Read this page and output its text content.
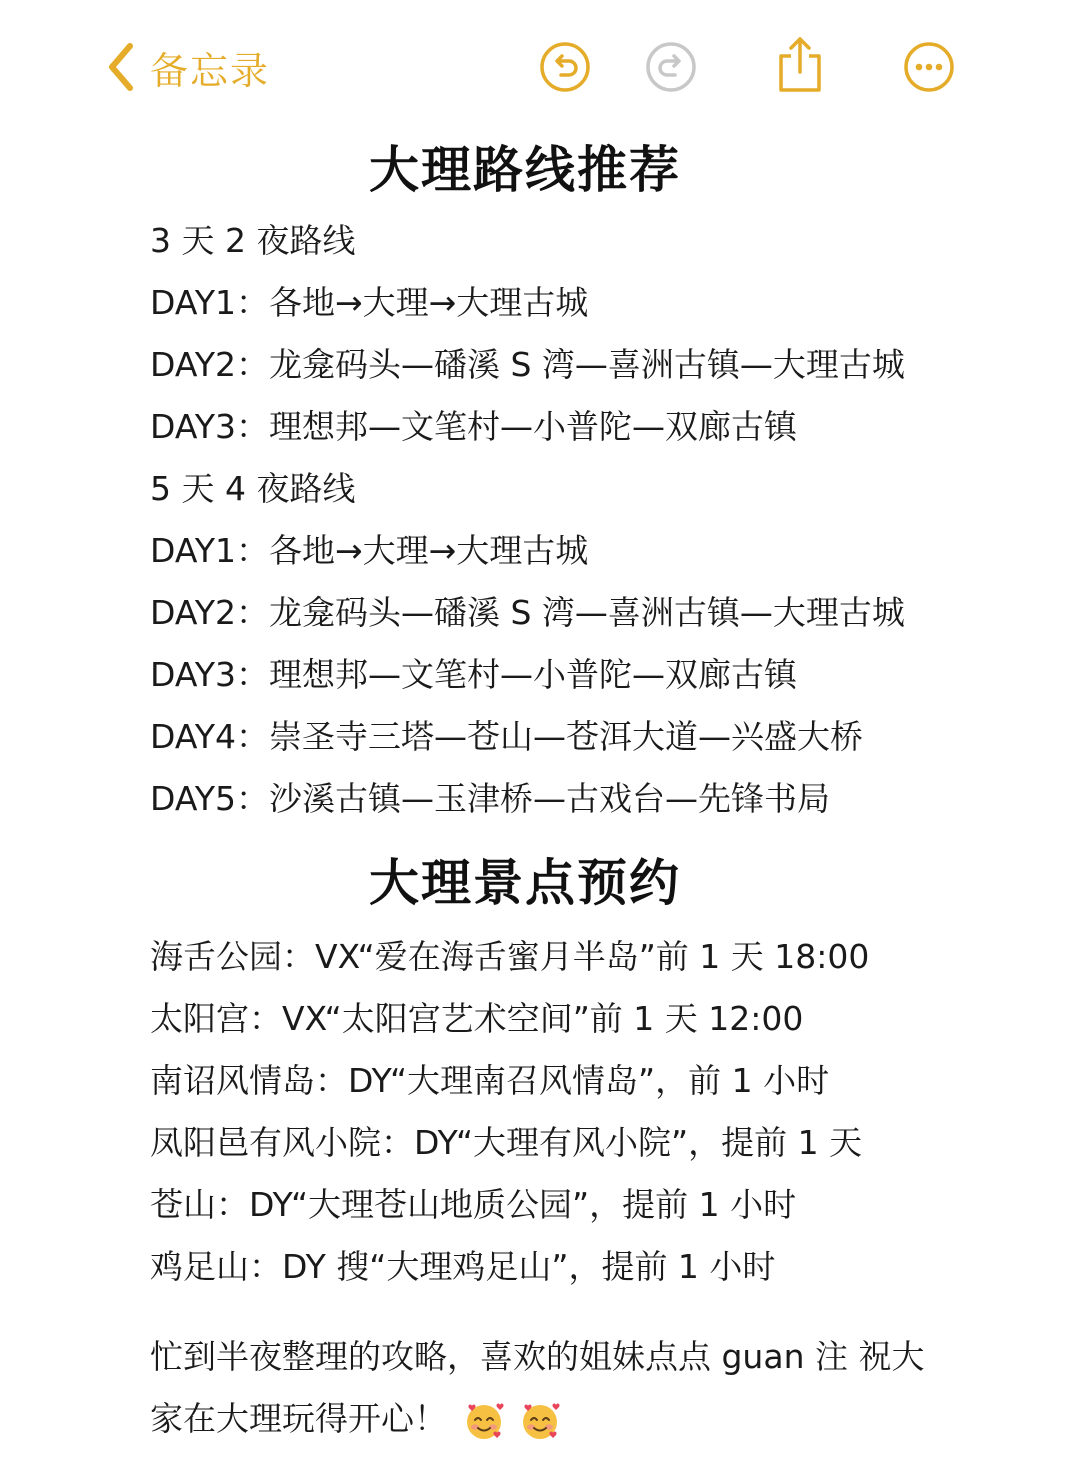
备忘录
大理路线推荐
3 天 2 夜路线
DAY1：各地→大理→大理古城
DAY2：龙龛码头—磻溪 S 湾—喜洲古镇—大理古城
DAY3：理想邦—文笔村—小普陀—双廊古镇
5 天 4 夜路线
DAY1：各地→大理→大理古城
DAY2：龙龛码头—磻溪 S 湾—喜洲古镇—大理古城
DAY3：理想邦—文笔村—小普陀—双廊古镇
DAY4：崇圣寺三塔—苍山—苍洱大道—兴盛大桥
DAY5：沙溪古镇—玉津桥—古戏台—先锋书局
大理景点预约
海舌公园：VX“爱在海舌蜜月半岛”前 1 天 18:00
太阳宫：VX“太阳宫艺术空间”前 1 天 12:00
南诏风情岛：DY“大理南召风情岛”，前 1 小时
凤阳邑有风小院：DY“大理有风小院”，提前 1 天
苍山：DY“大理苍山地质公园”，提前 1 小时
鸡足山：DY 搜“大理鸡足山”，提前 1 小时
忙到半夜整理的攻略，喜欢的姐妹点点 guan 注 祝大
家在大理玩得开心！
